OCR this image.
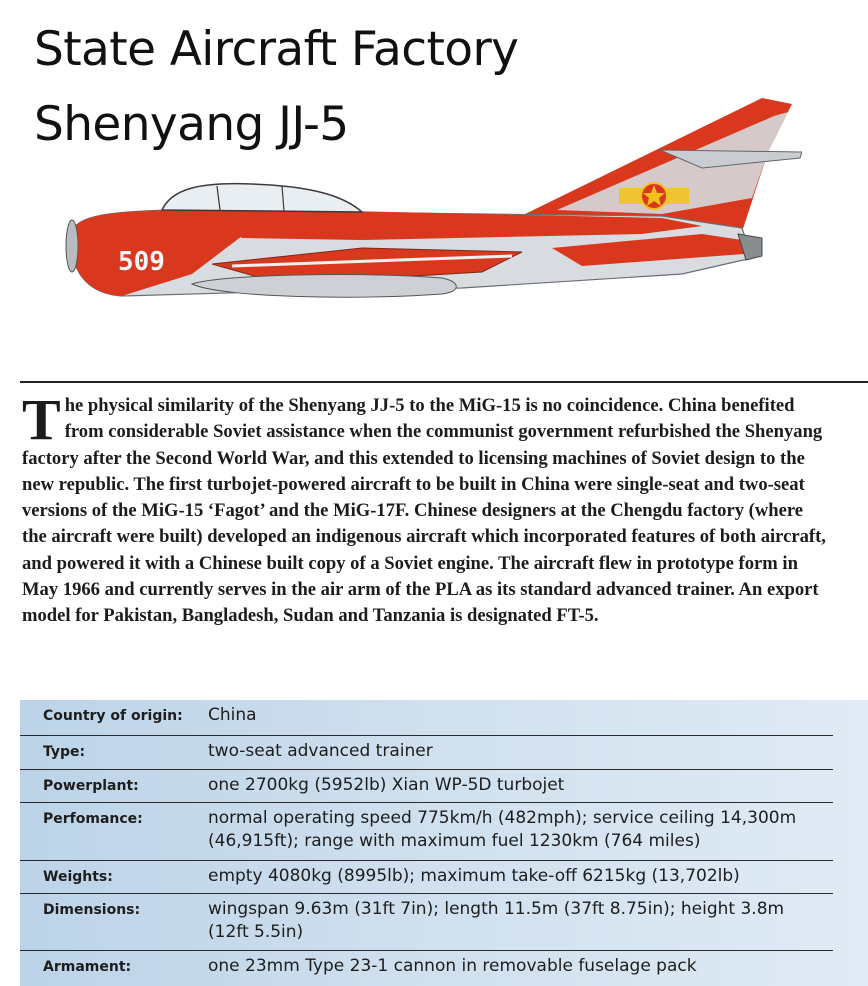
State Aircraft Factory
Shenyang JJ-5
509

The physical similarity of the Shenyang JJ-5 to the MiG-15 is no coincidence. China benefited from considerable Soviet assistance when the communist government refurbished the Shenyang factory after the Second World War, and this extended to licensing machines of Soviet design to the new republic. The first turbojet-powered aircraft to be built in China were single-seat and two-seat versions of the MiG-15 ‘Fagot’ and the MiG-17F. Chinese designers at the Chengdu factory (where the aircraft were built) developed an indigenous aircraft which incorporated features of both aircraft, and powered it with a Chinese built copy of a Soviet engine. The aircraft flew in prototype form in May 1966 and currently serves in the air arm of the PLA as its standard advanced trainer. An export model for Pakistan, Bangladesh, Sudan and Tanzania is designated FT-5.

Country of origin: China
Type:	two-seat advanced trainer
Powerplant:	one 2700kg (5952lb) Xian WP-5D turbojet
Perfomance:	normal operating speed 775km/h (482mph); service ceiling 14,300m (46,915ft); range with maximum fuel 1230km (764 miles)
Weights:	empty 4080kg (8995lb); maximum take-off 6215kg (13,702lb)
Dimensions:	wingspan 9.63m (31ft 7in); length 11.5m (37ft 8.75in); height 3.8m (12ft 5.5in)
Armament:	one 23mm Type 23-1 cannon in removable fuselage pack
